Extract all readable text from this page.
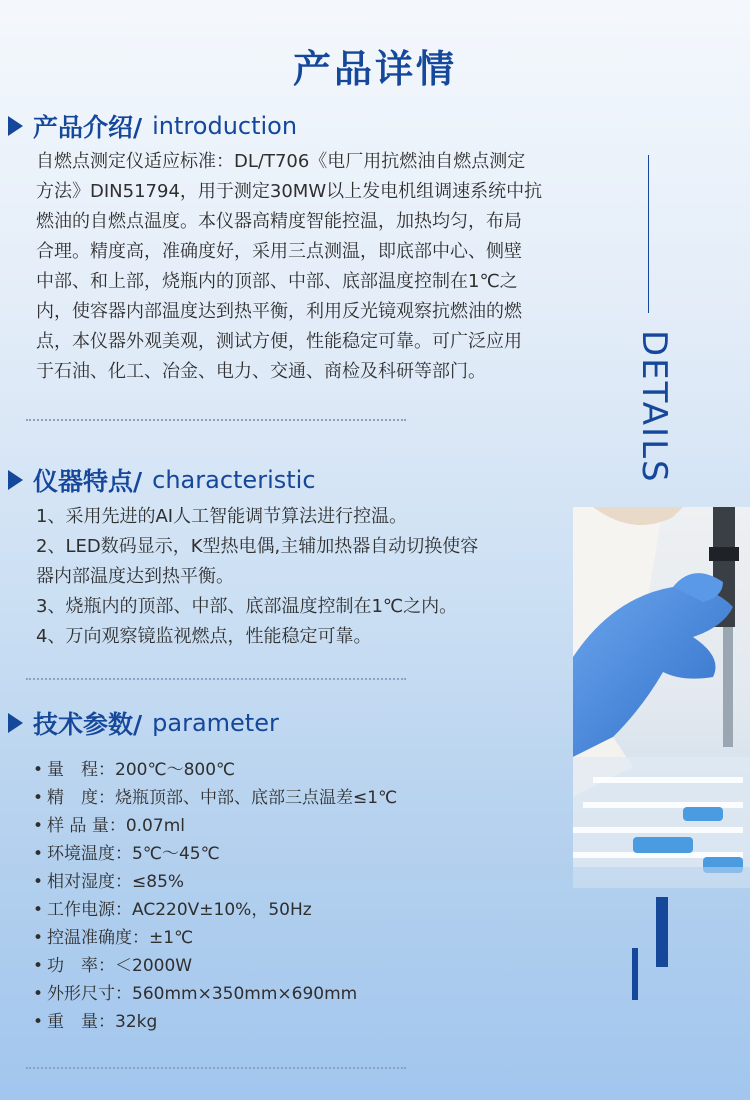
产品详情
产品介绍/ introduction
自燃点测定仪适应标准：DL/T706《电厂用抗燃油自燃点测定
方法》DIN51794，用于测定30MW以上发电机组调速系统中抗
燃油的自燃点温度。本仪器高精度智能控温，加热均匀，布局
合理。精度高，准确度好，采用三点测温，即底部中心、侧壁
中部、和上部，烧瓶内的顶部、中部、底部温度控制在1℃之
内，使容器内部温度达到热平衡，利用反光镜观察抗燃油的燃
点，本仪器外观美观，测试方便，性能稳定可靠。可广泛应用
于石油、化工、冶金、电力、交通、商检及科研等部门。
仪器特点/ characteristic
1、采用先进的AI人工智能调节算法进行控温。
2、LED数码显示，K型热电偶,主辅加热器自动切换使容
器内部温度达到热平衡。
3、烧瓶内的顶部、中部、底部温度控制在1℃之内。
4、万向观察镜监视燃点，性能稳定可靠。
技术参数/ parameter
• 量　程：200℃～800℃
• 精　度：烧瓶顶部、中部、底部三点温差≤1℃
• 样 品 量：0.07ml
• 环境温度：5℃～45℃
• 相对湿度：≤85%
• 工作电源：AC220V±10%，50Hz
• 控温准确度：±1℃
• 功　率：＜2000W
• 外形尺寸：560mm×350mm×690mm
• 重　量：32kg
DETAILS
